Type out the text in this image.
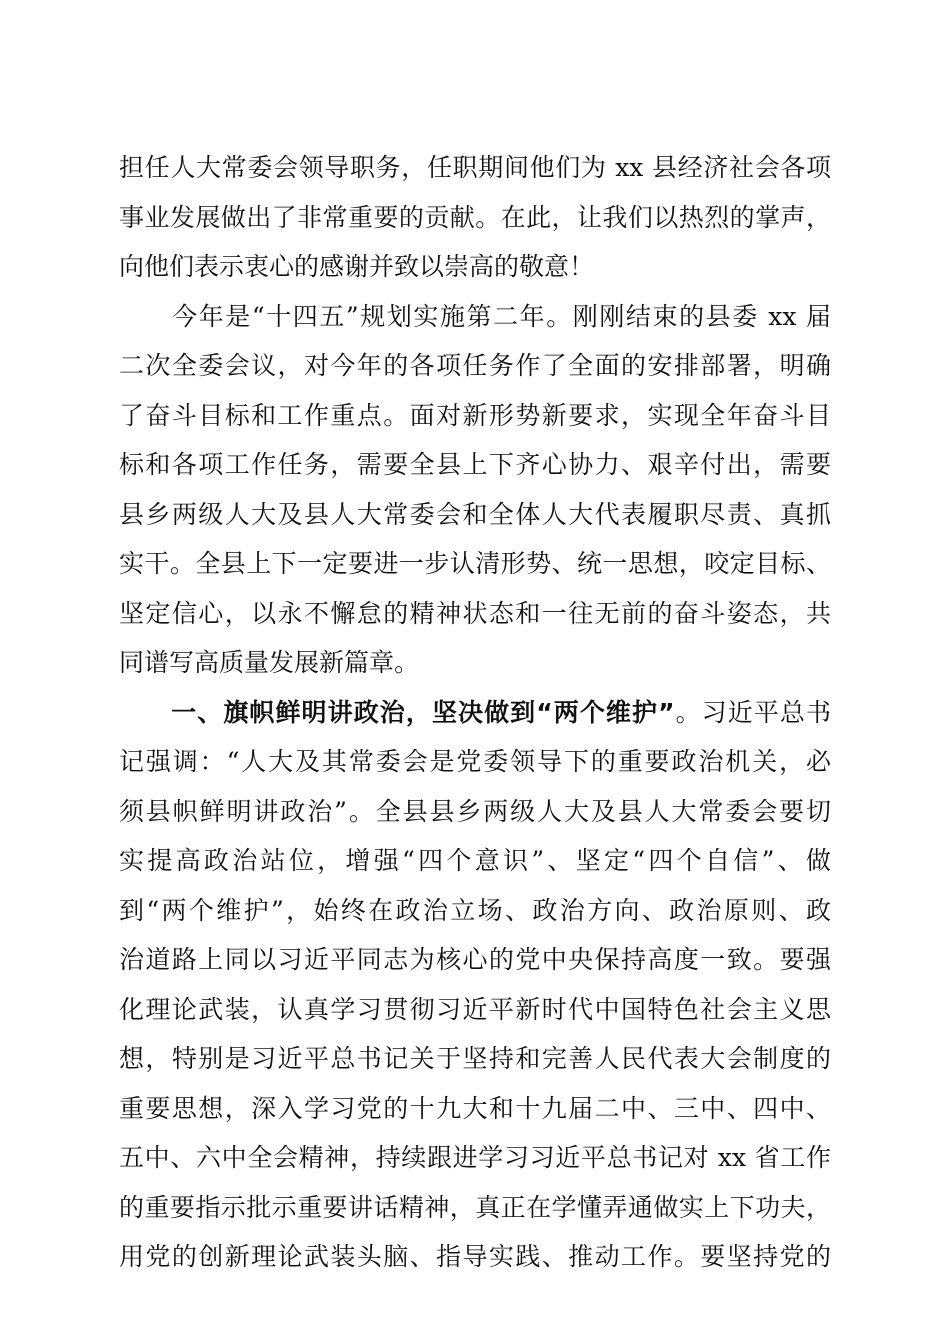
担任人大常委会领导职务，任职期间他们为 xx 县经济社会各项
事业发展做出了非常重要的贡献。在此，让我们以热烈的掌声，
向他们表示衷心的感谢并致以崇高的敬意！
　　今年是“十四五”规划实施第二年。刚刚结束的县委 xx 届
二次全委会议，对今年的各项任务作了全面的安排部署，明确
了奋斗目标和工作重点。面对新形势新要求，实现全年奋斗目
标和各项工作任务，需要全县上下齐心协力、艰辛付出，需要
县乡两级人大及县人大常委会和全体人大代表履职尽责、真抓
实干。全县上下一定要进一步认清形势、统一思想，咬定目标、
坚定信心，以永不懈怠的精神状态和一往无前的奋斗姿态，共
同谱写高质量发展新篇章。
　　一、旗帜鲜明讲政治，坚决做到“两个维护”。习近平总书
记强调：“人大及其常委会是党委领导下的重要政治机关，必
须县帜鲜明讲政治”。全县县乡两级人大及县人大常委会要切
实提高政治站位，增强“四个意识”、坚定“四个自信”、做
到“两个维护”，始终在政治立场、政治方向、政治原则、政
治道路上同以习近平同志为核心的党中央保持高度一致。要强
化理论武装，认真学习贯彻习近平新时代中国特色社会主义思
想，特别是习近平总书记关于坚持和完善人民代表大会制度的
重要思想，深入学习党的十九大和十九届二中、三中、四中、
五中、六中全会精神，持续跟进学习习近平总书记对 xx 省工作
的重要指示批示重要讲话精神，真正在学懂弄通做实上下功夫，
用党的创新理论武装头脑、指导实践、推动工作。要坚持党的
